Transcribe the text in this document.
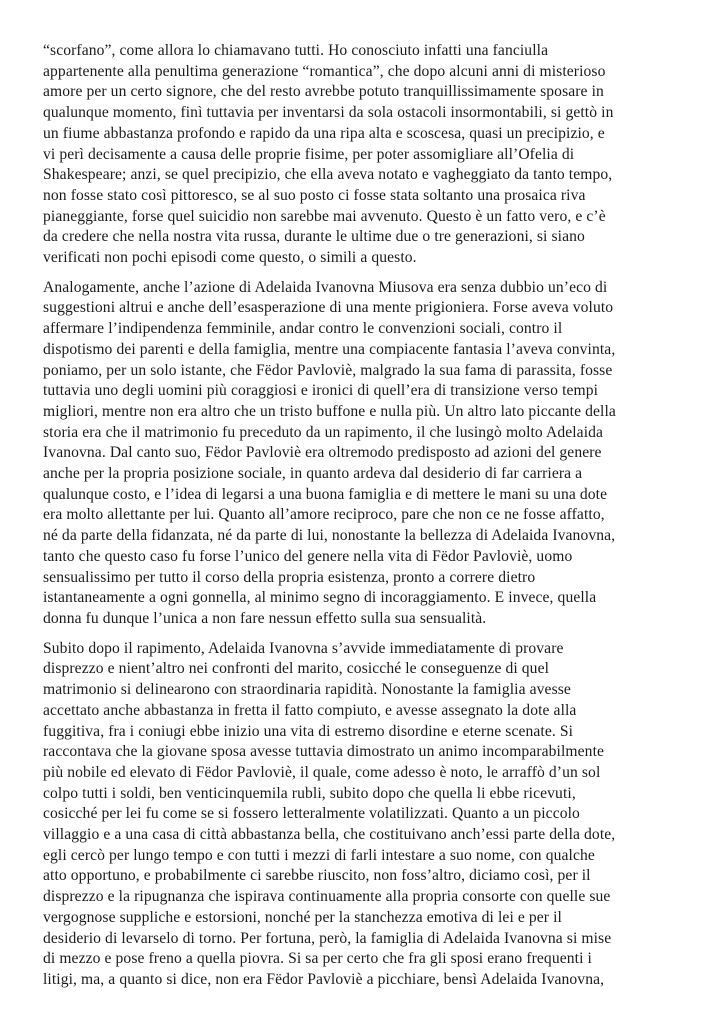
“scorfano”, come allora lo chiamavano tutti. Ho conosciuto infatti una fanciulla
appartenente alla penultima generazione “romantica”, che dopo alcuni anni di misterioso
amore per un certo signore, che del resto avrebbe potuto tranquillissimamente sposare in
qualunque momento, finì tuttavia per inventarsi da sola ostacoli insormontabili, si gettò in
un fiume abbastanza profondo e rapido da una ripa alta e scoscesa, quasi un precipizio, e
vi perì decisamente a causa delle proprie fisime, per poter assomigliare all’Ofelia di
Shakespeare; anzi, se quel precipizio, che ella aveva notato e vagheggiato da tanto tempo,
non fosse stato così pittoresco, se al suo posto ci fosse stata soltanto una prosaica riva
pianeggiante, forse quel suicidio non sarebbe mai avvenuto. Questo è un fatto vero, e c’è
da credere che nella nostra vita russa, durante le ultime due o tre generazioni, si siano
verificati non pochi episodi come questo, o simili a questo.
Analogamente, anche l’azione di Adelaida Ivanovna Miusova era senza dubbio un’eco di
suggestioni altrui e anche dell’esasperazione di una mente prigioniera. Forse aveva voluto
affermare l’indipendenza femminile, andar contro le convenzioni sociali, contro il
dispotismo dei parenti e della famiglia, mentre una compiacente fantasia l’aveva convinta,
poniamo, per un solo istante, che Fëdor Pavloviè, malgrado la sua fama di parassita, fosse
tuttavia uno degli uomini più coraggiosi e ironici di quell’era di transizione verso tempi
migliori, mentre non era altro che un tristo buffone e nulla più. Un altro lato piccante della
storia era che il matrimonio fu preceduto da un rapimento, il che lusingò molto Adelaida
Ivanovna. Dal canto suo, Fëdor Pavloviè era oltremodo predisposto ad azioni del genere
anche per la propria posizione sociale, in quanto ardeva dal desiderio di far carriera a
qualunque costo, e l’idea di legarsi a una buona famiglia e di mettere le mani su una dote
era molto allettante per lui. Quanto all’amore reciproco, pare che non ce ne fosse affatto,
né da parte della fidanzata, né da parte di lui, nonostante la bellezza di Adelaida Ivanovna,
tanto che questo caso fu forse l’unico del genere nella vita di Fëdor Pavloviè, uomo
sensualissimo per tutto il corso della propria esistenza, pronto a correre dietro
istantaneamente a ogni gonnella, al minimo segno di incoraggiamento. E invece, quella
donna fu dunque l’unica a non fare nessun effetto sulla sua sensualità.
Subito dopo il rapimento, Adelaida Ivanovna s’avvide immediatamente di provare
disprezzo e nient’altro nei confronti del marito, cosicché le conseguenze di quel
matrimonio si delinearono con straordinaria rapidità. Nonostante la famiglia avesse
accettato anche abbastanza in fretta il fatto compiuto, e avesse assegnato la dote alla
fuggitiva, fra i coniugi ebbe inizio una vita di estremo disordine e eterne scenate. Si
raccontava che la giovane sposa avesse tuttavia dimostrato un animo incomparabilmente
più nobile ed elevato di Fëdor Pavloviè, il quale, come adesso è noto, le arraffò d’un sol
colpo tutti i soldi, ben venticinquemila rubli, subito dopo che quella li ebbe ricevuti,
cosicché per lei fu come se si fossero letteralmente volatilizzati. Quanto a un piccolo
villaggio e a una casa di città abbastanza bella, che costituivano anch’essi parte della dote,
egli cercò per lungo tempo e con tutti i mezzi di farli intestare a suo nome, con qualche
atto opportuno, e probabilmente ci sarebbe riuscito, non foss’altro, diciamo così, per il
disprezzo e la ripugnanza che ispirava continuamente alla propria consorte con quelle sue
vergognose suppliche e estorsioni, nonché per la stanchezza emotiva di lei e per il
desiderio di levarselo di torno. Per fortuna, però, la famiglia di Adelaida Ivanovna si mise
di mezzo e pose freno a quella piovra. Si sa per certo che fra gli sposi erano frequenti i
litigi, ma, a quanto si dice, non era Fëdor Pavloviè a picchiare, bensì Adelaida Ivanovna,
